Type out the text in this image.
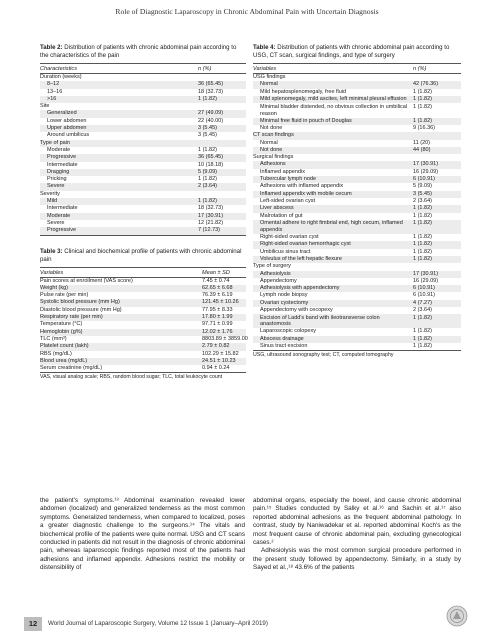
Role of Diagnostic Laparoscopy in Chronic Abdominal Pain with Uncertain Diagnosis
Table 2: Distribution of patients with chronic abdominal pain according to the characteristics of the pain
Characteristics	n (%)
Duration (weeks)
8–12	36 (65.45)
13–16	18 (32.73)
>16	1 (1.82)
Site
Generalized	27 (49.09)
Lower abdomen	22 (40.00)
Upper abdomen	3 (5.45)
Around umbilicus	3 (5.45)
Type of pain
Moderate	1 (1.82)
Progressive	36 (65.45)
Intermediate	10 (18.18)
Dragging	5 (9.09)
Pricking	1 (1.82)
Severe	2 (3.64)
Severity
Mild	1 (1.82)
Intermediate	18 (32.73)
Moderate	17 (30.91)
Severe	12 (21.82)
Progressive	7 (12.73)
Table 3: Clinical and biochemical profile of patients with chronic abdominal pain
Variables	Mean ± SD
Pain scores at enrollment (VAS score)	7.45 ± 0.74
Weight (kg)	62.65 ± 6.68
Pulse rate (per min)	76.39 ± 6.19
Systolic blood pressure (mm Hg)	121.45 ± 10.26
Diastolic blood pressure (mm Hg)	77.95 ± 8.33
Respiratory rate (per min)	17.80 ± 1.99
Temperature (°C)	97.71 ± 0.99
Hemoglobin (g%)	12.02 ± 1.76
TLC (mm³)	8803.89 ± 3859.00
Platelet count (lakh)	2.79 ± 0.82
RBS (mg/dL)	102.29 ± 15.82
Blood urea (mg/dL)	24.51 ± 10.23
Serum creatinine (mg/dL)	0.94 ± 0.24
VAS, visual analog scale; RBS, random blood sugar; TLC, total leukocyte count
Table 4: Distribution of patients with chronic abdominal pain according to USG, CT scan, surgical findings, and type of surgery
Variables	n (%)
USG findings
Normal	42 (76.36)
Mild hepatosplenomegaly, free fluid	1 (1.82)
Mild splenomegaly, mild ascites, left minimal pleural effusion	1 (1.82)
Minimal bladder distended, no obvious collection in umbilical reason
1 (1.82)
Minimal free fluid in pouch of Douglas	1 (1.82)
Not done	9 (16.36)
CT scan findings
Normal	11 (20)
Not done	44 (80)
Surgical findings
Adhesions	17 (30.91)
Inflamed appendix	16 (29.09)
Tubercular lymph node	6 (10.91)
Adhesions with inflamed appendix	5 (9.09)
Inflamed appendix with mobile cecum	3 (5.45)
Left-sided ovarian cyst	2 (3.64)
Liver abscess	1 (1.82)
Malrotation of gut	1 (1.82)
Omental adhere to right fimbrial end, high cecum, inflamed appendix
1 (1.82)
Right-sided ovarian cyst	1 (1.82)
Right-sided ovarian hemorrhagic cyst	1 (1.82)
Umbilicus sinus tract	1 (1.82)
Volvulus of the left hepatic flexure	1 (1.82)
Type of surgery
Adhesiolysis	17 (30.91)
Appendectomy	16 (29.09)
Adhesiolysis with appendectomy	6 (10.91)
Lymph node biopsy	6 (10.91)
Ovarian cystectomy	4 (7.27)
Appendectomy with cecopexy	2 (3.64)
Excision of Ladd's band with ileotransverse colon anastomosis
1 (1.82)
Laparoscopic colopexy	1 (1.82)
Abscess drainage	1 (1.82)
Sinus tract excision	1 (1.82)
USG, ultrasound sonography test; CT, computed tomography
the patient's symptoms.¹³ Abdominal examination revealed lower abdomen (localized) and generalized tenderness as the most common symptoms. Generalized tenderness, when compared to localized, poses a greater diagnostic challenge to the surgeons.¹⁴ The vitals and biochemical profile of the patients were quite normal. USG and CT scans conducted in patients did not result in the diagnosis of chronic abdominal pain, whereas laparoscopic findings reported most of the patients had adhesions and inflamed appendix. Adhesions restrict the mobility or distensibility of
abdominal organs, especially the bowel, and cause chronic abdominal pain.¹⁵ Studies conducted by Salky et al.¹⁶ and Sachin et al.¹⁷ also reported abdominal adhesions as the frequent abdominal pathology. In contrast, study by Naniwadekar et al. reported abdominal Koch's as the most frequent cause of chronic abdominal pain, excluding gynecological cases.²
Adhesiolysis was the most common surgical procedure performed in the present study followed by appendectomy. Similarly, in a study by Sayed et al.,¹⁸ 43.6% of the patients
12	World Journal of Laparoscopic Surgery, Volume 12 Issue 1 (January–April 2019)
